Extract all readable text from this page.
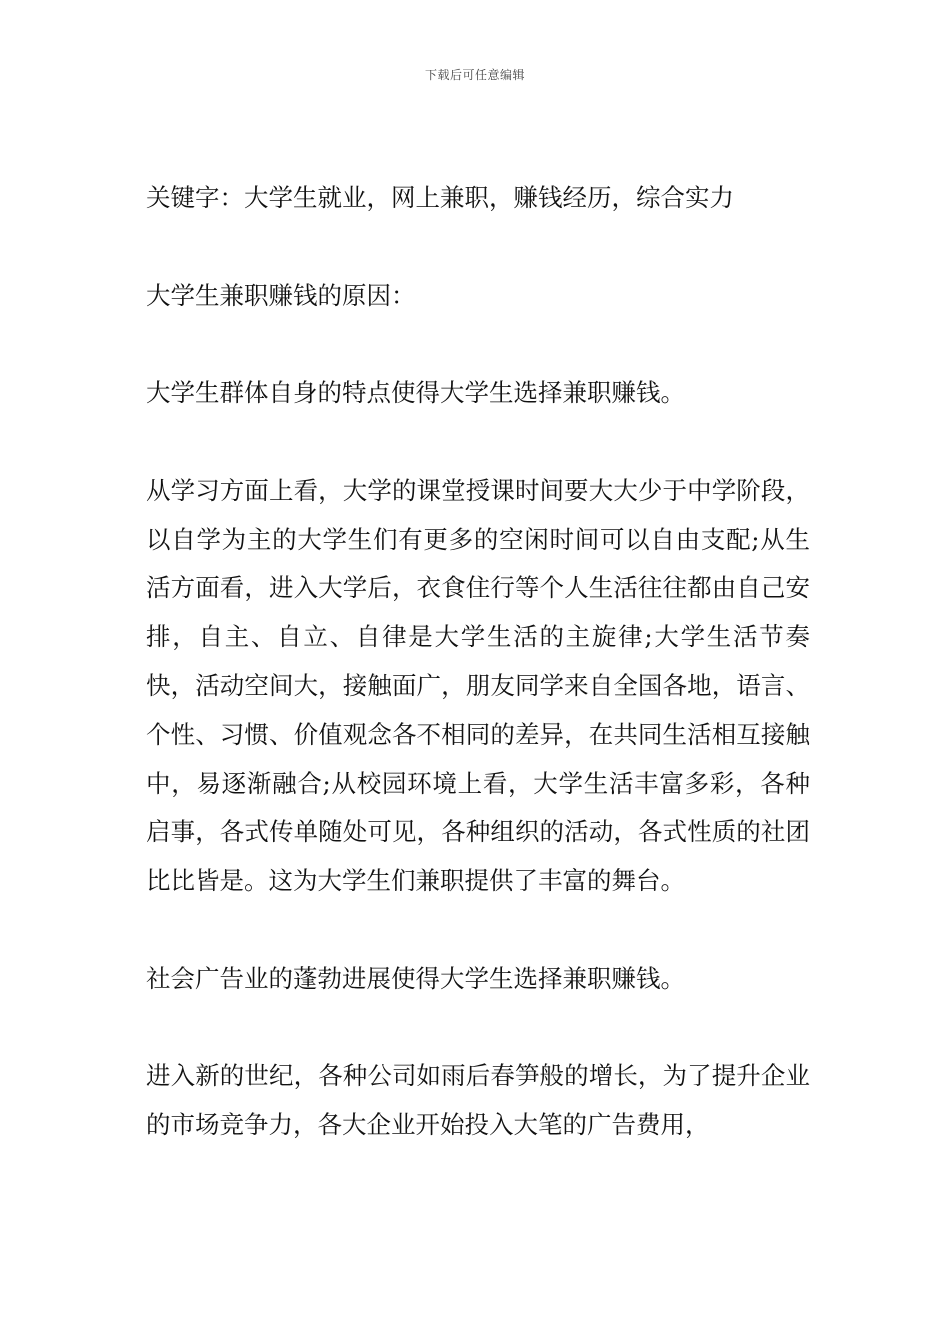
下载后可任意编辑

关键字：大学生就业，网上兼职，赚钱经历，综合实力

大学生兼职赚钱的原因：

大学生群体自身的特点使得大学生选择兼职赚钱。

从学习方面上看，大学的课堂授课时间要大大少于中学阶段，以自学为主的大学生们有更多的空闲时间可以自由支配;从生活方面看，进入大学后，衣食住行等个人生活往往都由自己安排，自主、自立、自律是大学生活的主旋律;大学生活节奏快，活动空间大，接触面广，朋友同学来自全国各地，语言、个性、习惯、价值观念各不相同的差异，在共同生活相互接触中，易逐渐融合;从校园环境上看，大学生活丰富多彩，各种启事，各式传单随处可见，各种组织的活动，各式性质的社团比比皆是。这为大学生们兼职提供了丰富的舞台。

社会广告业的蓬勃进展使得大学生选择兼职赚钱。

进入新的世纪，各种公司如雨后春笋般的增长，为了提升企业的市场竞争力，各大企业开始投入大笔的广告费用，
